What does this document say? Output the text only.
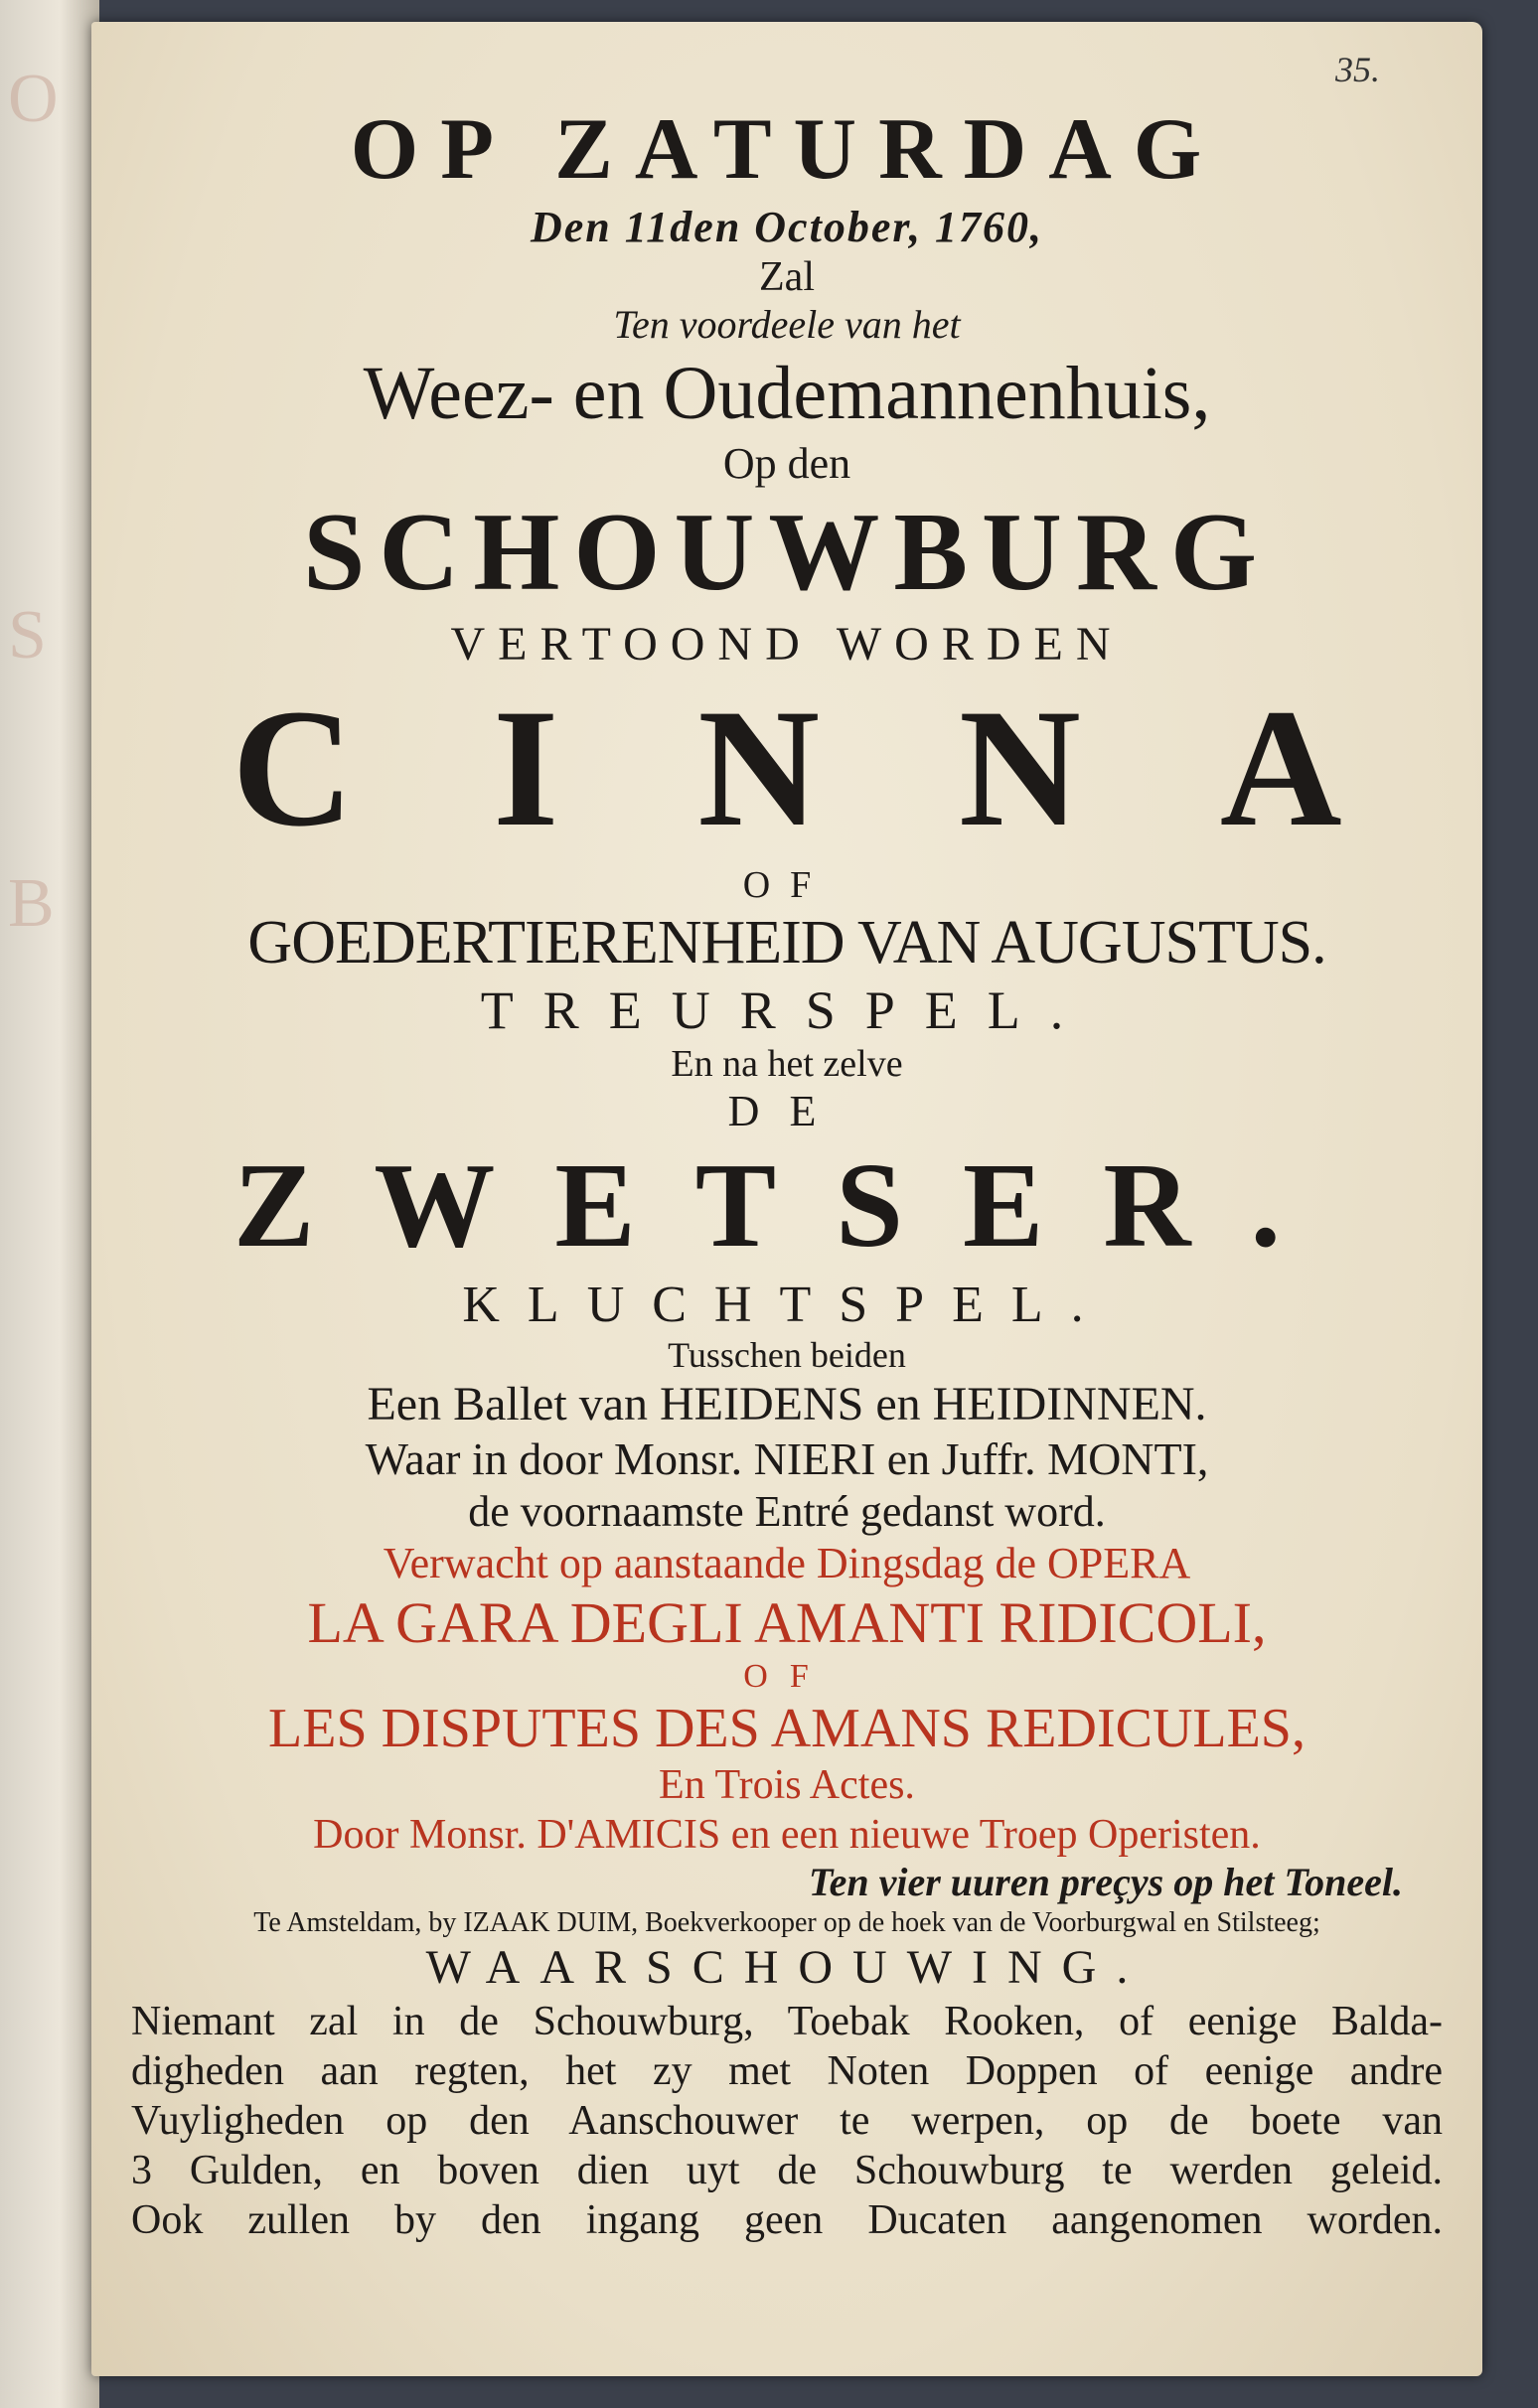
O
S
B
35.
OP ZATURDAG
Den 11den October, 1760,
Zal
Ten voordeele van het
Weez- en Oudemannenhuis,
Op den
SCHOUWBURG
VERTOOND WORDEN
CINNA
OF
GOEDERTIERENHEID VAN AUGUSTUS.
TREURSPEL.
En na het zelve
DE
ZWETSER.
KLUCHTSPEL.
Tusschen beiden
Een Ballet van HEIDENS en HEIDINNEN.
Waar in door Monsr. NIERI en Juffr. MONTI,
de voornaamste Entré gedanst word.
Verwacht op aanstaande Dingsdag de OPERA
LA GARA DEGLI AMANTI RIDICOLI,
OF
LES DISPUTES DES AMANS REDICULES,
En Trois Actes.
Door Monsr. D'AMICIS en een nieuwe Troep Operisten.
Ten vier uuren preçys op het Toneel.
Te Amsteldam, by IZAAK DUIM, Boekverkooper op de hoek van de Voorburgwal en Stilsteeg;
WAARSCHOUWING.
Niemant zal in de Schouwburg, Toebak Rooken, of eenige Balda-
digheden aan regten, het zy met Noten Doppen of eenige andre
Vuyligheden op den Aanschouwer te werpen, op de boete van
3 Gulden, en boven dien uyt de Schouwburg te werden geleid.
Ook zullen by den ingang geen Ducaten aangenomen worden.
